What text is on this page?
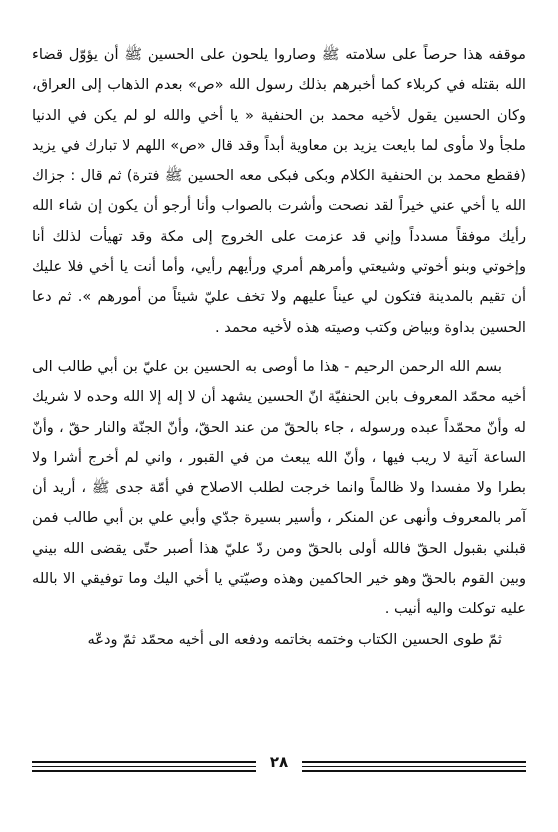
موقفه هذا حرصاً على سلامته ﷺ وصاروا يلحون على الحسين ﷺ أن يؤوّل قضاء الله بقتله في كربلاء كما أخبرهم بذلك رسول الله «ص» بعدم الذهاب إلى العراق، وكان الحسين يقول لأخيه محمد بن الحنفية « يا أخي والله لو لم يكن في الدنيا ملجأ ولا مأوى لما بايعت يزيد بن معاوية أبداً وقد قال «ص» اللهم لا تبارك في يزيد (فقطع محمد بن الحنفية الكلام وبكى فبكى معه الحسين ﷺ فترة) ثم قال : جزاك الله يا أخي عني خيراً لقد نصحت وأشرت بالصواب وأنا أرجو أن يكون إن شاء الله رأيك موفقاً مسدداً وإني قد عزمت على الخروج إلى مكة وقد تهيأت لذلك أنا وإخوتي وبنو أخوتي وشيعتي وأمرهم أمري ورأيهم رأيي، وأما أنت يا أخي فلا عليك أن تقيم بالمدينة فتكون لي عيناً عليهم ولا تخف عليّ شيئاً من أمورهم ». ثم دعا الحسين بداوة وبياض وكتب وصيته هذه لأخيه محمد .

بسم الله الرحمن الرحيم - هذا ما أوصى به الحسين بن عليّ بن أبي طالب الى أخيه محمّد المعروف بابن الحنفيّة انّ الحسين يشهد أن لا إله إلا الله وحده لا شريك له وأنّ محمّداً عبده ورسوله ، جاء بالحقّ من عند الحقّ، وأنّ الجنّة والنار حقّ ، وأنّ الساعة آتية لا ريب فيها ، وأنّ الله يبعث من في القبور ، واني لم أخرج أشرا ولا بطرا ولا مفسدا ولا ظالماً وانما خرجت لطلب الاصلاح في أمّة جدى ﷺ ، أريد أن آمر بالمعروف وأنهى عن المنكر ، وأسير بسيرة جدّي وأبي علي بن أبي طالب فمن قبلني بقبول الحقّ فالله أولى بالحقّ ومن ردّ عليّ هذا أصبر حتّى يقضى الله بيني وبين القوم بالحقّ وهو خير الحاكمين وهذه وصيّتي يا أخي اليك وما توفيقي الا بالله عليه توكلت واليه أنيب .

ثمّ طوى الحسين الكتاب وختمه بخاتمه ودفعه الى أخيه محمّد ثمّ ودعّه

٢٨
